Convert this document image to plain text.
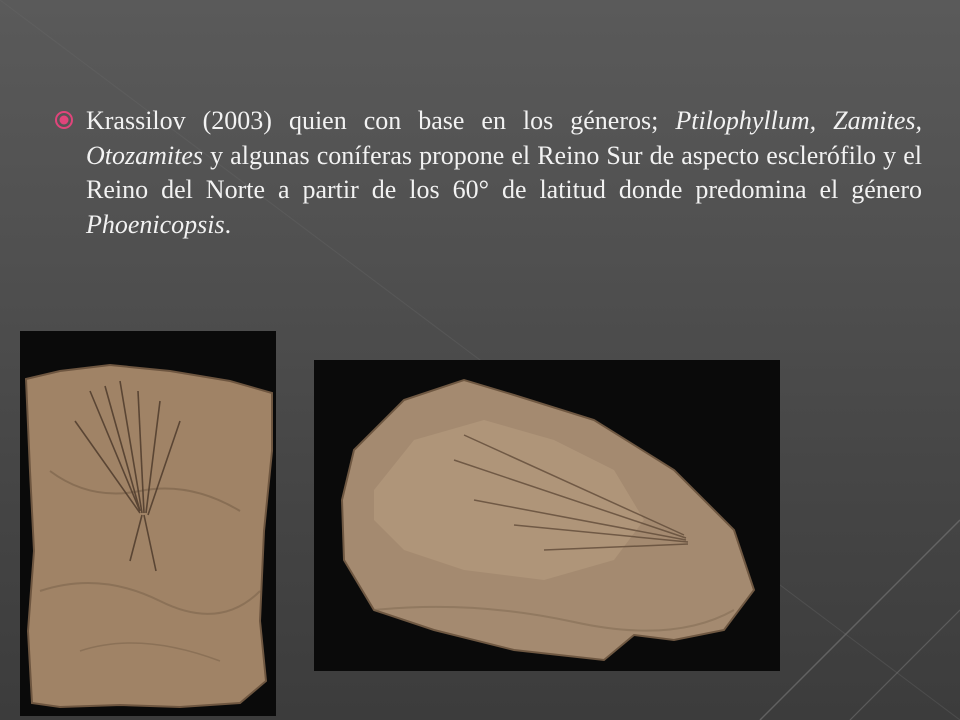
Krassilov (2003) quien con base en los géneros; Ptilophyllum, Zamites, Otozamites y algunas coníferas propone el Reino Sur de aspecto esclerófilo y el Reino del Norte a partir de los 60° de latitud donde predomina el género Phoenicopsis.
